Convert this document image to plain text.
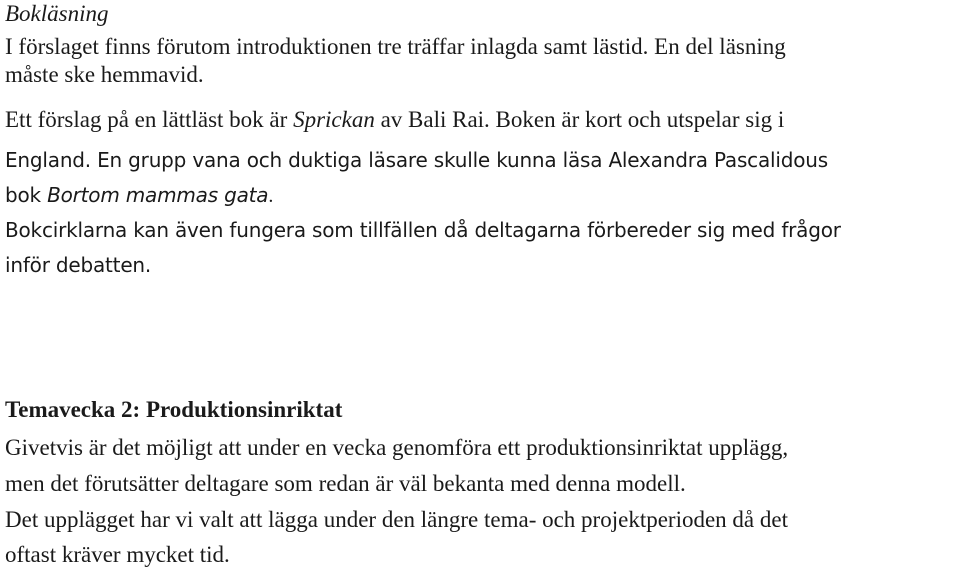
Bokläsning
I förslaget finns förutom introduktionen tre träffar inlagda samt lästid. En del läsning
måste ske hemmavid.
Ett förslag på en lättläst bok är Sprickan av Bali Rai. Boken är kort och utspelar sig i
England. En grupp vana och duktiga läsare skulle kunna läsa Alexandra Pascalidous
bok Bortom mammas gata.
Bokcirklarna kan även fungera som tillfällen då deltagarna förbereder sig med frågor
inför debatten.
Temavecka 2: Produktionsinriktat
Givetvis är det möjligt att under en vecka genomföra ett produktionsinriktat upplägg,
men det förutsätter deltagare som redan är väl bekanta med denna modell.
Det upplägget har vi valt att lägga under den längre tema- och projektperioden då det
oftast kräver mycket tid.
